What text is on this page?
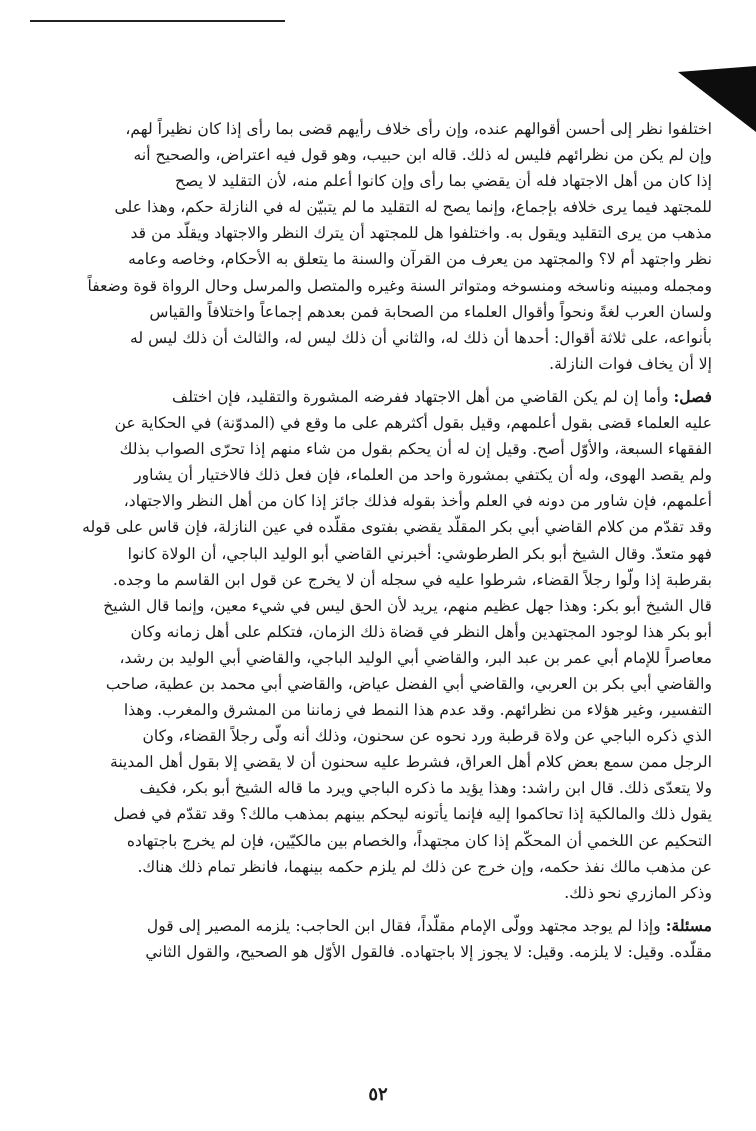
اختلفوا نظر إلى أحسن أقوالهم عنده، وإن رأى خلاف رأيهم قضى بما رأى إذا كان نظيراً لهم،
وإن لم يكن من نظرائهم فليس له ذلك. قاله ابن حبيب، وهو قول فيه اعتراض، والصحيح أنه
إذا كان من أهل الاجتهاد فله أن يقضي بما رأى وإن كانوا أعلم منه، لأن التقليد لا يصح
للمجتهد فيما يرى خلافه بإجماع، وإنما يصح له التقليد ما لم يتبيّن له في النازلة حكم، وهذا على
مذهب من يرى التقليد ويقول به. واختلفوا هل للمجتهد أن يترك النظر والاجتهاد ويقلّد من قد
نظر واجتهد أم لا؟ والمجتهد من يعرف من القرآن والسنة ما يتعلق به الأحكام، وخاصه وعامه
ومجمله ومبينه وناسخه ومنسوخه ومتواتر السنة وغيره والمتصل والمرسل وحال الرواة قوة وضعفاً
ولسان العرب لغةً ونحواً وأقوال العلماء من الصحابة فمن بعدهم إجماعاً واختلافاً والقياس
بأنواعه، على ثلاثة أقوال: أحدها أن ذلك له، والثاني أن ذلك ليس له، والثالث أن ذلك ليس له
إلا أن يخاف فوات النازلة.
فصل: وأما إن لم يكن القاضي من أهل الاجتهاد ففرضه المشورة والتقليد، فإن اختلف
عليه العلماء قضى بقول أعلمهم، وقيل بقول أكثرهم على ما وقع في (المدوّنة) في الحكاية عن
الفقهاء السبعة، والأوّل أصح. وقيل إن له أن يحكم بقول من شاء منهم إذا تحرّى الصواب بذلك
ولم يقصد الهوى، وله أن يكتفي بمشورة واحد من العلماء، فإن فعل ذلك فالاختيار أن يشاور
أعلمهم، فإن شاور من دونه في العلم وأخذ بقوله فذلك جائز إذا كان من أهل النظر والاجتهاد،
وقد تقدّم من كلام القاضي أبي بكر المقلّد يقضي بفتوى مقلّده في عين النازلة، فإن قاس على قوله
فهو متعدّ. وقال الشيخ أبو بكر الطرطوشي: أخبرني القاضي أبو الوليد الباجي، أن الولاة كانوا
بقرطبة إذا ولّوا رجلاً القضاء، شرطوا عليه في سجله أن لا يخرج عن قول ابن القاسم ما وجده.
قال الشيخ أبو بكر: وهذا جهل عظيم منهم، يريد لأن الحق ليس في شيء معين، وإنما قال الشيخ
أبو بكر هذا لوجود المجتهدين وأهل النظر في قضاة ذلك الزمان، فتكلم على أهل زمانه وكان
معاصراً للإمام أبي عمر بن عبد البر، والقاضي أبي الوليد الباجي، والقاضي أبي الوليد بن رشد،
والقاضي أبي بكر بن العربي، والقاضي أبي الفضل عياض، والقاضي أبي محمد بن عطية، صاحب
التفسير، وغير هؤلاء من نظرائهم. وقد عدم هذا النمط في زماننا من المشرق والمغرب. وهذا
الذي ذكره الباجي عن ولاة قرطبة ورد نحوه عن سحنون، وذلك أنه ولّى رجلاً القضاء، وكان
الرجل ممن سمع بعض كلام أهل العراق، فشرط عليه سحنون أن لا يقضي إلا بقول أهل المدينة
ولا يتعدّى ذلك. قال ابن راشد: وهذا يؤيد ما ذكره الباجي ويرد ما قاله الشيخ أبو بكر، فكيف
يقول ذلك والمالكية إذا تحاكموا إليه فإنما يأتونه ليحكم بينهم بمذهب مالك؟ وقد تقدّم في فصل
التحكيم عن اللخمي أن المحكّم إذا كان مجتهداً، والخصام بين مالكيّين، فإن لم يخرج باجتهاده
عن مذهب مالك نفذ حكمه، وإن خرج عن ذلك لم يلزم حكمه بينهما، فانظر تمام ذلك هناك.
وذكر المازري نحو ذلك.
مسئلة: وإذا لم يوجد مجتهد وولّى الإمام مقلّداً، فقال ابن الحاجب: يلزمه المصير إلى قول
مقلّده. وقيل: لا يلزمه. وقيل: لا يجوز إلا باجتهاده. فالقول الأوّل هو الصحيح، والقول الثاني
٥٢
